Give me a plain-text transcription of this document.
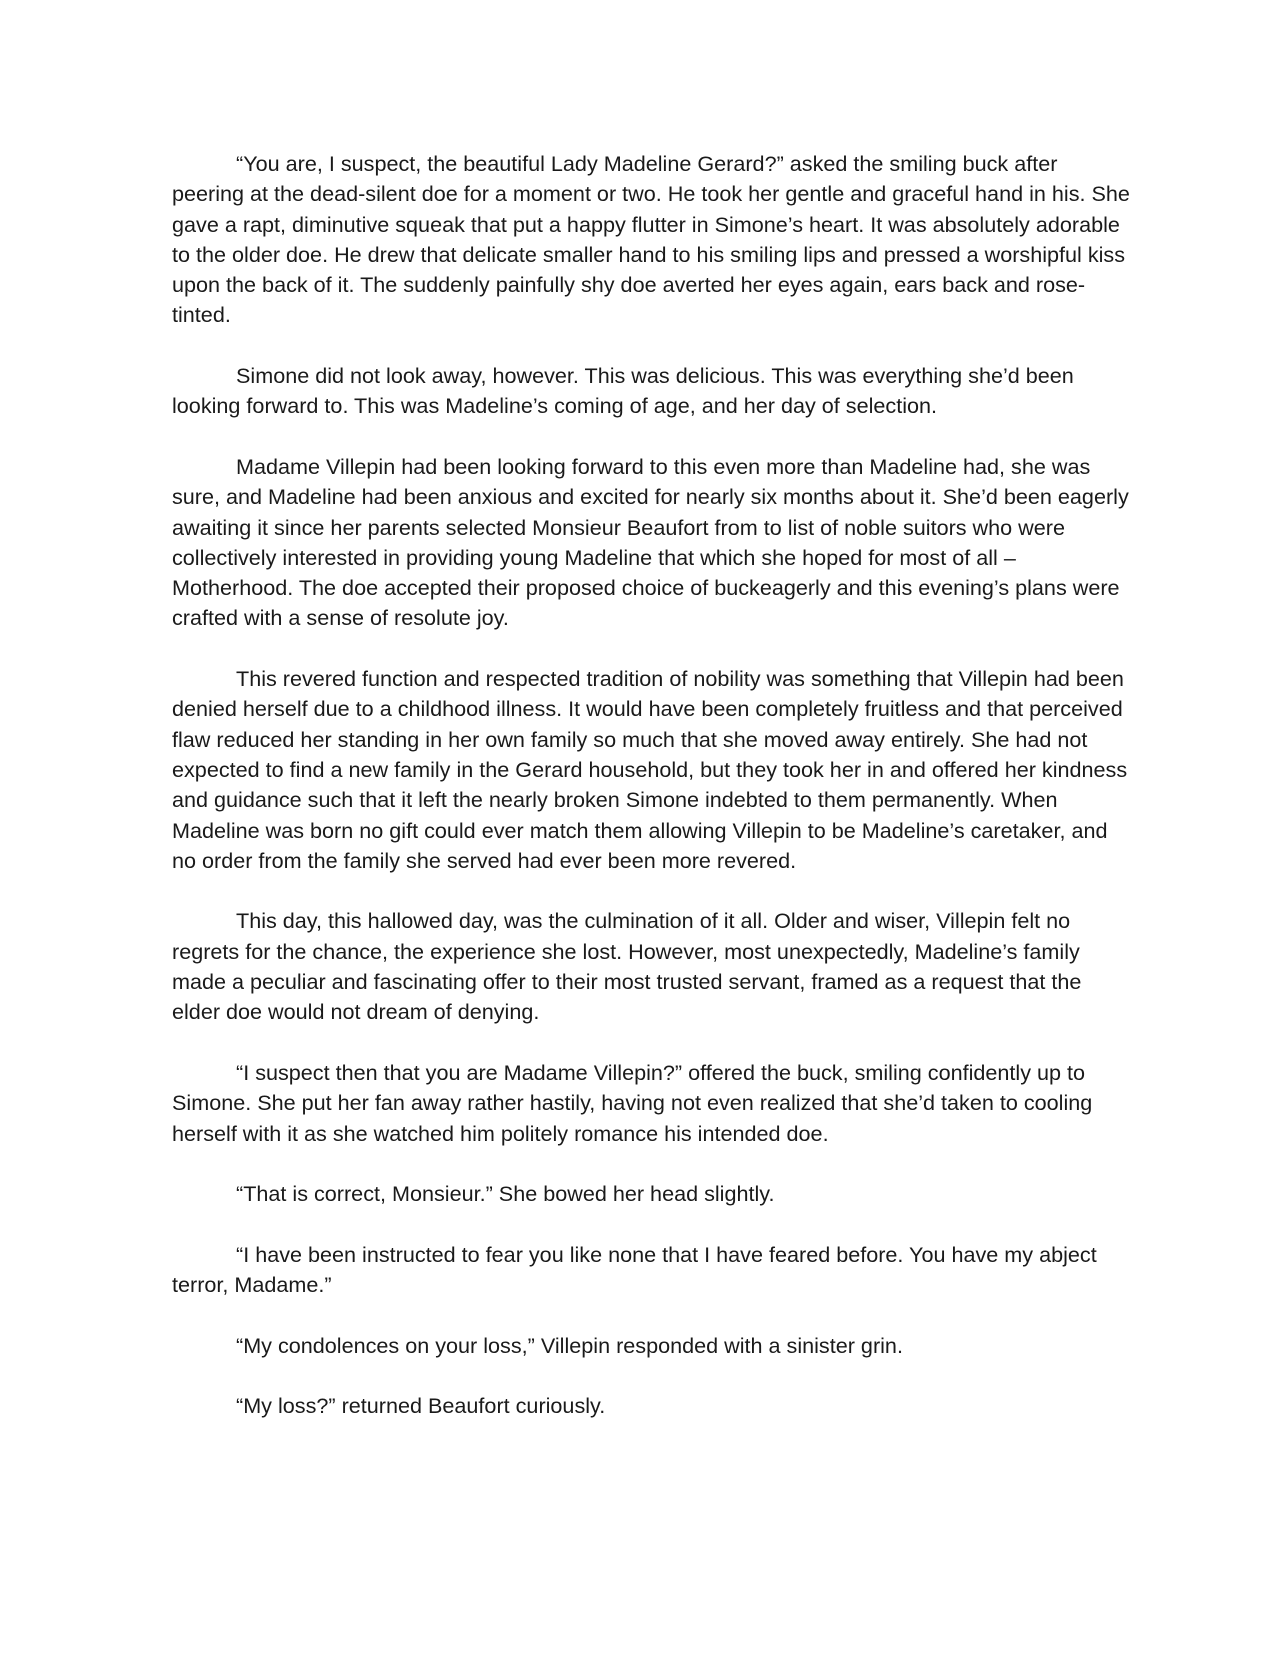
“You are, I suspect, the beautiful Lady Madeline Gerard?” asked the smiling buck after peering at the dead-silent doe for a moment or two. He took her gentle and graceful hand in his. She gave a rapt, diminutive squeak that put a happy flutter in Simone’s heart. It was absolutely adorable to the older doe. He drew that delicate smaller hand to his smiling lips and pressed a worshipful kiss upon the back of it. The suddenly painfully shy doe averted her eyes again, ears back and rose-tinted.

Simone did not look away, however. This was delicious. This was everything she’d been looking forward to. This was Madeline’s coming of age, and her day of selection.

Madame Villepin had been looking forward to this even more than Madeline had, she was sure, and Madeline had been anxious and excited for nearly six months about it. She’d been eagerly awaiting it since her parents selected Monsieur Beaufort from to list of noble suitors who were collectively interested in providing young Madeline that which she hoped for most of all – Motherhood. The doe accepted their proposed choice of buckeagerly and this evening’s plans were crafted with a sense of resolute joy.

This revered function and respected tradition of nobility was something that Villepin had been denied herself due to a childhood illness. It would have been completely fruitless and that perceived flaw reduced her standing in her own family so much that she moved away entirely. She had not expected to find a new family in the Gerard household, but they took her in and offered her kindness and guidance such that it left the nearly broken Simone indebted to them permanently. When Madeline was born no gift could ever match them allowing Villepin to be Madeline’s caretaker, and no order from the family she served had ever been more revered.

This day, this hallowed day, was the culmination of it all. Older and wiser, Villepin felt no regrets for the chance, the experience she lost. However, most unexpectedly, Madeline’s family made a peculiar and fascinating offer to their most trusted servant, framed as a request that the elder doe would not dream of denying.

“I suspect then that you are Madame Villepin?” offered the buck, smiling confidently up to Simone. She put her fan away rather hastily, having not even realized that she’d taken to cooling herself with it as she watched him politely romance his intended doe.

“That is correct, Monsieur.” She bowed her head slightly.

“I have been instructed to fear you like none that I have feared before. You have my abject terror, Madame.”

“My condolences on your loss,” Villepin responded with a sinister grin.

“My loss?” returned Beaufort curiously.
